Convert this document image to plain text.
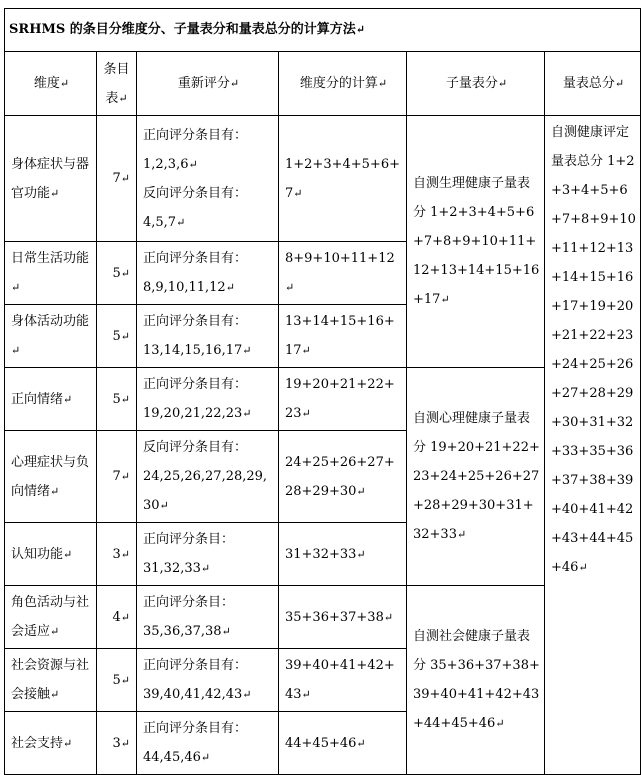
SRHMS 的条目分维度分、子量表分和量表总分的计算方法↵					
维度↵	条目表↵	重新评分↵	维度分的计算↵	子量表分↵	量表总分↵
身体症状与器官功能↵	7↵	正向评分条目有：
1,2,3,6↵
反向评分条目有：
4,5,7↵	1+2+3+4+5+6+7↵	自测生理健康子量表分 1+2+3+4+5+6+7+8+9+10+11+12+13+14+15+16+17↵	自测健康评定量表总分 1+2+3+4+5+6+7+8+9+10+11+12+13+14+15+16+17+19+20+21+22+23+24+25+26+27+28+29+30+31+32+33+35+36+37+38+39+40+41+42+43+44+45+46↵
日常生活功能↵	5↵	正向评分条目有：
8,9,10,11,12↵	8+9+10+11+12↵		
身体活动功能↵	5↵	正向评分条目有：
13,14,15,16,17↵	13+14+15+16+17↵		
正向情绪↵	5↵	正向评分条目有：
19,20,21,22,23↵	19+20+21+22+23↵	自测心理健康子量表分 19+20+21+22+23+24+25+26+27+28+29+30+31+32+33↵	
心理症状与负向情绪↵	7↵	反向评分条目有：
24,25,26,27,28,29,30↵	24+25+26+27+28+29+30↵		
认知功能↵	3↵	正向评分条目：
31,32,33↵	31+32+33↵		
角色活动与社会适应↵	4↵	正向评分条目：
35,36,37,38↵	35+36+37+38↵	自测社会健康子量表分 35+36+37+38+39+40+41+42+43+44+45+46↵	
社会资源与社会接触↵	5↵	正向评分条目有：
39,40,41,42,43↵	39+40+41+42+43↵		
社会支持↵	3↵	正向评分条目有：
44,45,46↵	44+45+46↵		
